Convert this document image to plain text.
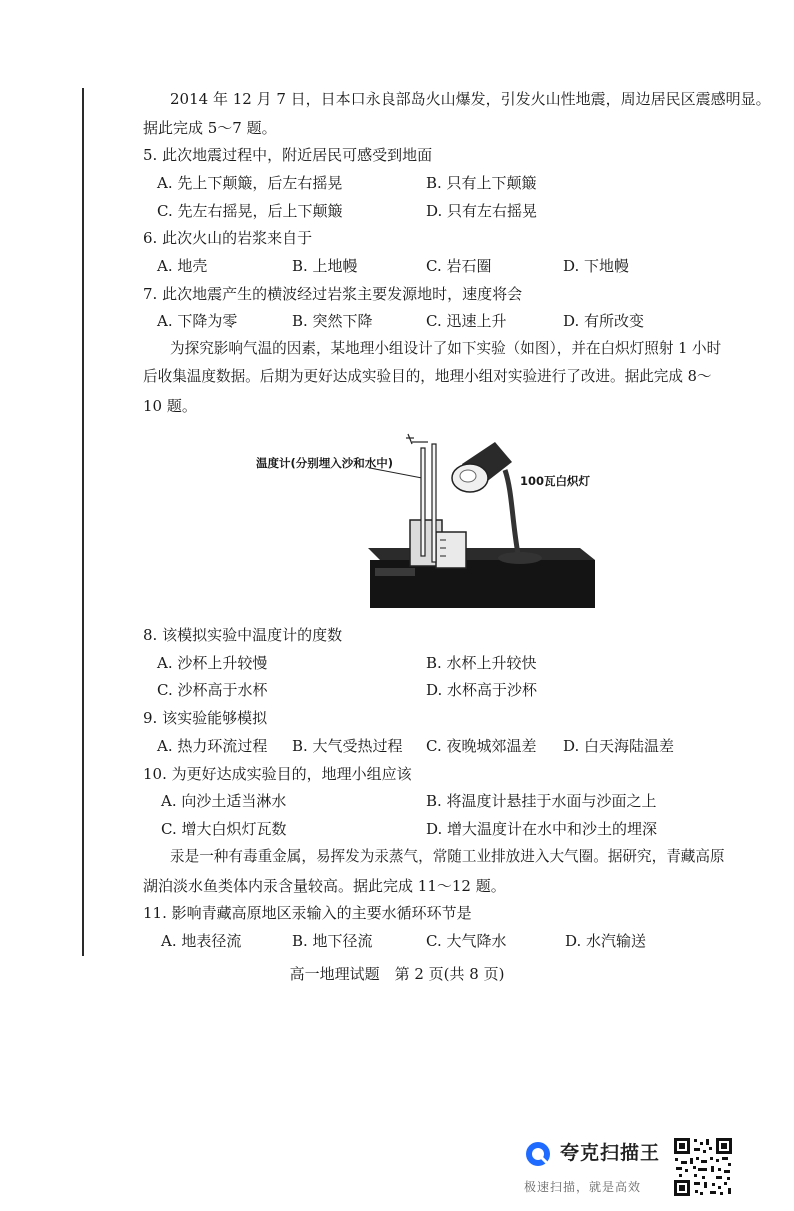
2014 年 12 月 7 日，日本口永良部岛火山爆发，引发火山性地震，周边居民区震感明显。
据此完成 5～7 题。
5. 此次地震过程中，附近居民可感受到地面
A. 先上下颠簸，后左右摇晃	B. 只有上下颠簸
C. 先左右摇晃，后上下颠簸	D. 只有左右摇晃
6. 此次火山的岩浆来自于
A. 地壳	B. 上地幔	C. 岩石圈	D. 下地幔
7. 此次地震产生的横波经过岩浆主要发源地时，速度将会
A. 下降为零	B. 突然下降	C. 迅速上升	D. 有所改变
为探究影响气温的因素，某地理小组设计了如下实验（如图），并在白炽灯照射 1 小时
后收集温度数据。后期为更好达成实验目的，地理小组对实验进行了改进。据此完成 8～
10 题。
温度计(分别埋入沙和水中)
100瓦白炽灯
8. 该模拟实验中温度计的度数
A. 沙杯上升较慢	B. 水杯上升较快
C. 沙杯高于水杯	D. 水杯高于沙杯
9. 该实验能够模拟
A. 热力环流过程 B. 大气受热过程 C. 夜晚城郊温差 D. 白天海陆温差
10. 为更好达成实验目的，地理小组应该
A. 向沙土适当淋水	B. 将温度计悬挂于水面与沙面之上
C. 增大白炽灯瓦数	D. 增大温度计在水中和沙土的埋深
汞是一种有毒重金属，易挥发为汞蒸气，常随工业排放进入大气圈。据研究，青藏高原
湖泊淡水鱼类体内汞含量较高。据此完成 11～12 题。
11. 影响青藏高原地区汞输入的主要水循环环节是
A. 地表径流	B. 地下径流	C. 大气降水	D. 水汽输送
高一地理试题　第 2 页(共 8 页)
夸克扫描王
极速扫描，就是高效
